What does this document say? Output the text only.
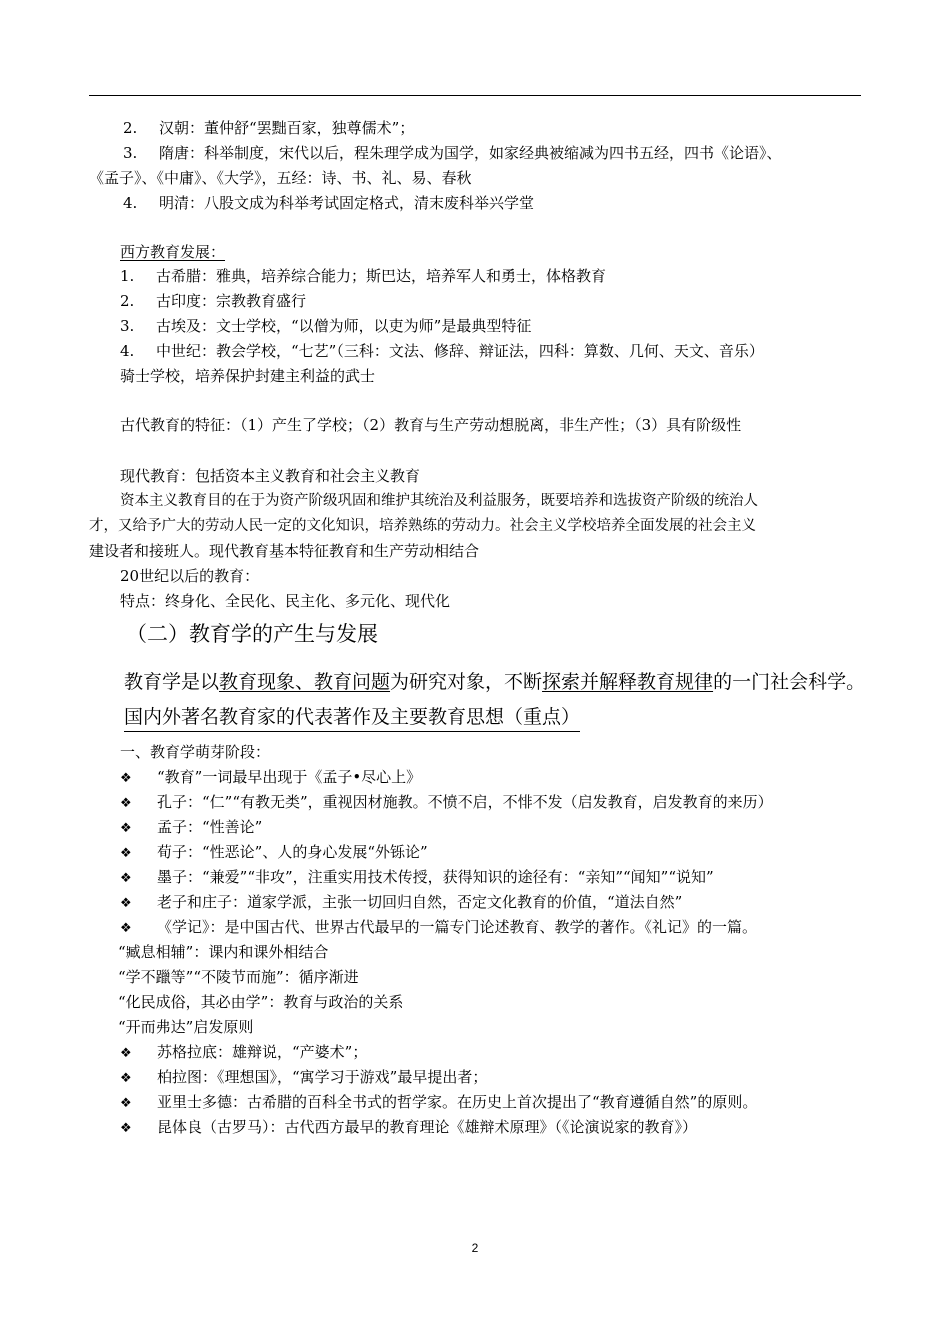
2. 汉朝：董仲舒“罢黜百家，独尊儒术”；
3. 隋唐：科举制度，宋代以后，程朱理学成为国学，如家经典被缩减为四书五经，四书《论语》、
《孟子》、《中庸》、《大学》，五经：诗、书、礼、易、春秋
4. 明清：八股文成为科举考试固定格式，清末废科举兴学堂
西方教育发展：
1. 古希腊：雅典，培养综合能力；斯巴达，培养军人和勇士，体格教育
2. 古印度：宗教教育盛行
3. 古埃及：文士学校，“以僧为师，以吏为师”是最典型特征
4. 中世纪：教会学校，“七艺”（三科：文法、修辞、辩证法，四科：算数、几何、天文、音乐）
骑士学校，培养保护封建主利益的武士
古代教育的特征：（1）产生了学校；（2）教育与生产劳动想脱离，非生产性；（3）具有阶级性
现代教育：包括资本主义教育和社会主义教育
资本主义教育目的在于为资产阶级巩固和维护其统治及利益服务，既要培养和选拔资产阶级的统治人
才，又给予广大的劳动人民一定的文化知识，培养熟练的劳动力。社会主义学校培养全面发展的社会主义
建设者和接班人。现代教育基本特征教育和生产劳动相结合
20世纪以后的教育：
特点：终身化、全民化、民主化、多元化、现代化
（二）教育学的产生与发展
教育学是以教育现象、教育问题为研究对象，不断探索并解释教育规律的一门社会科学。
国内外著名教育家的代表著作及主要教育思想（重点）
一、教育学萌芽阶段：
❖ “教育”一词最早出现于《孟子•尽心上》
❖ 孔子：“仁”“有教无类”，重视因材施教。不愤不启，不悱不发（启发教育，启发教育的来历）
❖ 孟子：“性善论”
❖ 荀子：“性恶论”、人的身心发展“外铄论”
❖ 墨子：“兼爱”“非攻”，注重实用技术传授，获得知识的途径有：“亲知”“闻知”“说知”
❖ 老子和庄子：道家学派，主张一切回归自然，否定文化教育的价值，“道法自然”
❖ 《学记》：是中国古代、世界古代最早的一篇专门论述教育、教学的著作。《礼记》的一篇。
“臧息相辅”：课内和课外相结合
“学不躐等”“不陵节而施”：循序渐进
“化民成俗，其必由学”：教育与政治的关系
“开而弗达”启发原则
❖ 苏格拉底：雄辩说，“产婆术”；
❖ 柏拉图：《理想国》，“寓学习于游戏”最早提出者；
❖ 亚里士多德：古希腊的百科全书式的哲学家。在历史上首次提出了“教育遵循自然”的原则。
❖ 昆体良（古罗马）：古代西方最早的教育理论《雄辩术原理》（《论演说家的教育》）
2
